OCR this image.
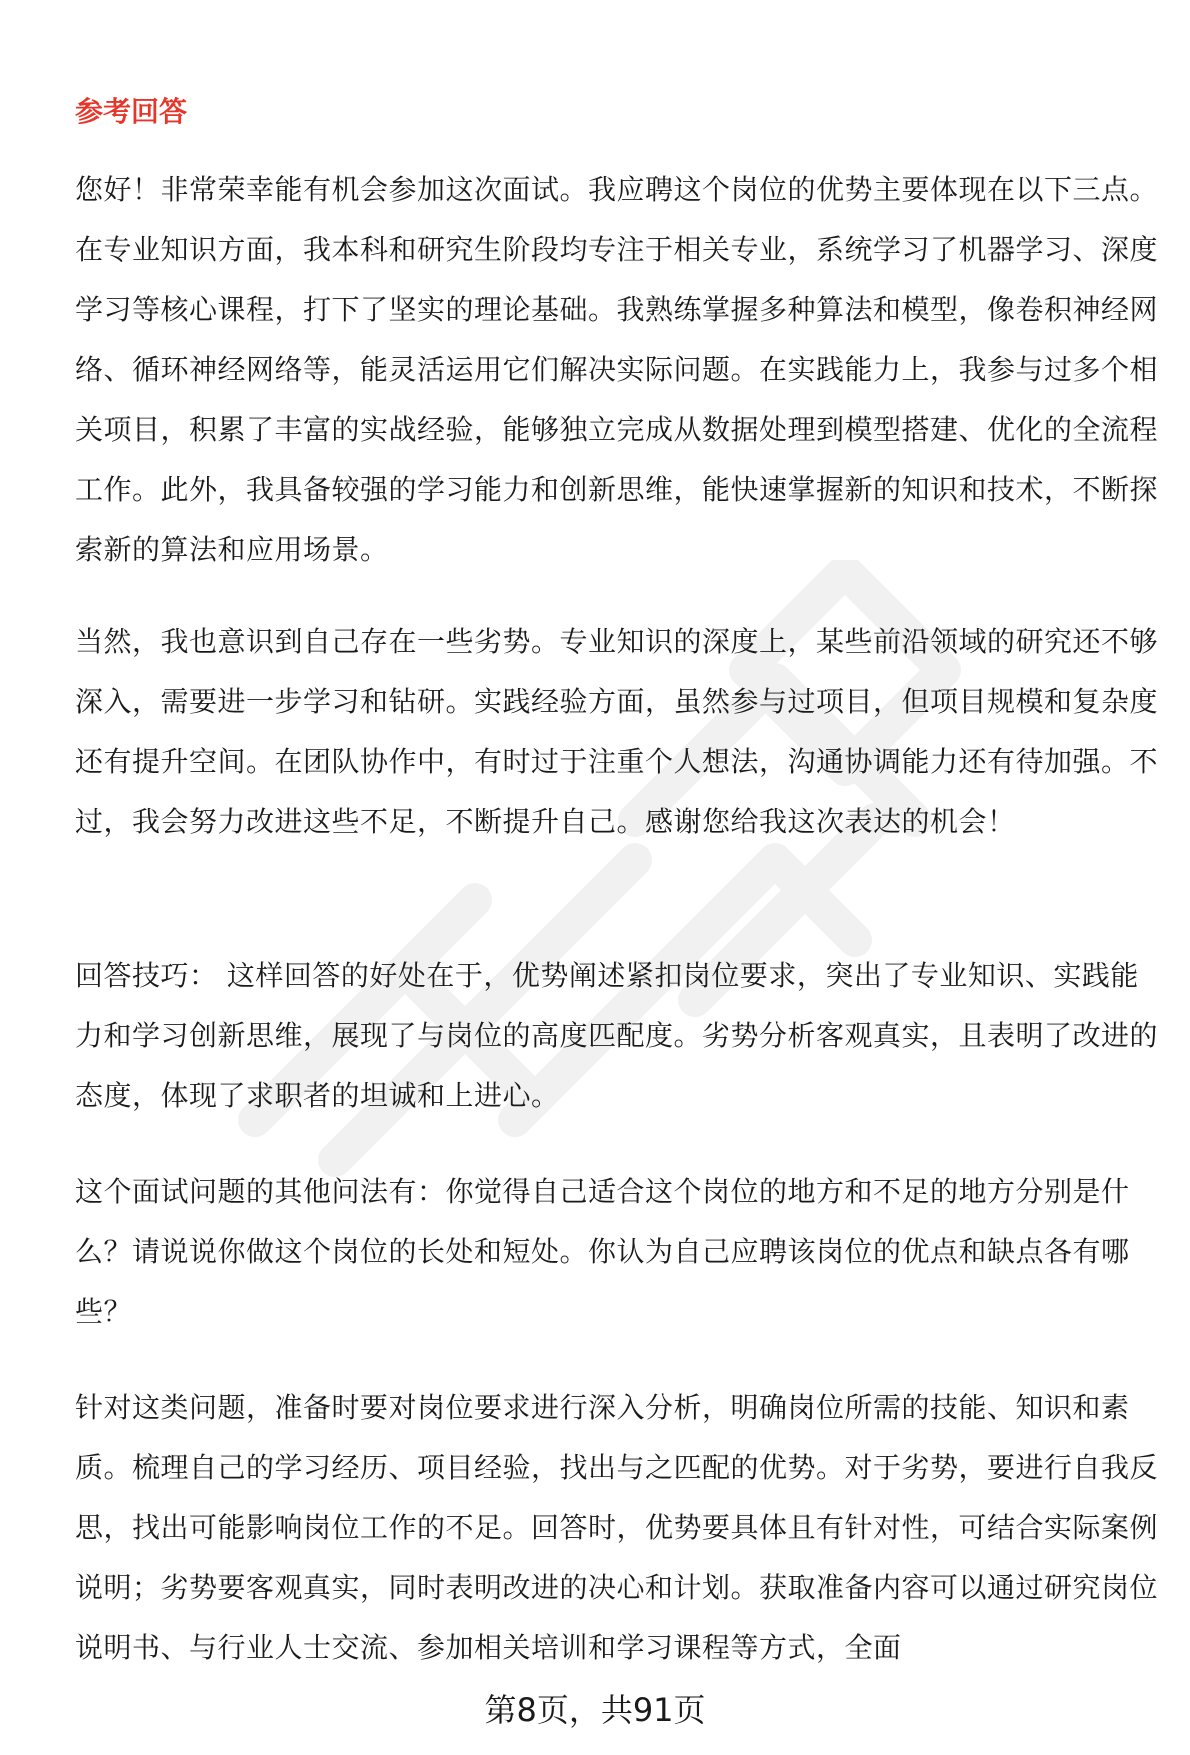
参考回答

您好！非常荣幸能有机会参加这次面试。我应聘这个岗位的优势主要体现在以下三点。在专业知识方面，我本科和研究生阶段均专注于相关专业，系统学习了机器学习、深度学习等核心课程，打下了坚实的理论基础。我熟练掌握多种算法和模型，像卷积神经网络、循环神经网络等，能灵活运用它们解决实际问题。在实践能力上，我参与过多个相关项目，积累了丰富的实战经验，能够独立完成从数据处理到模型搭建、优化的全流程工作。此外，我具备较强的学习能力和创新思维，能快速掌握新的知识和技术，不断探索新的算法和应用场景。

当然，我也意识到自己存在一些劣势。专业知识的深度上，某些前沿领域的研究还不够深入，需要进一步学习和钻研。实践经验方面，虽然参与过项目，但项目规模和复杂度还有提升空间。在团队协作中，有时过于注重个人想法，沟通协调能力还有待加强。不过，我会努力改进这些不足，不断提升自己。感谢您给我这次表达的机会！

回答技巧： 这样回答的好处在于，优势阐述紧扣岗位要求，突出了专业知识、实践能力和学习创新思维，展现了与岗位的高度匹配度。劣势分析客观真实，且表明了改进的态度，体现了求职者的坦诚和上进心。

这个面试问题的其他问法有：你觉得自己适合这个岗位的地方和不足的地方分别是什么？请说说你做这个岗位的长处和短处。你认为自己应聘该岗位的优点和缺点各有哪些？

针对这类问题，准备时要对岗位要求进行深入分析，明确岗位所需的技能、知识和素质。梳理自己的学习经历、项目经验，找出与之匹配的优势。对于劣势，要进行自我反思，找出可能影响岗位工作的不足。回答时，优势要具体且有针对性，可结合实际案例说明；劣势要客观真实，同时表明改进的决心和计划。获取准备内容可以通过研究岗位说明书、与行业人士交流、参加相关培训和学习课程等方式，全面

第8页，共91页
